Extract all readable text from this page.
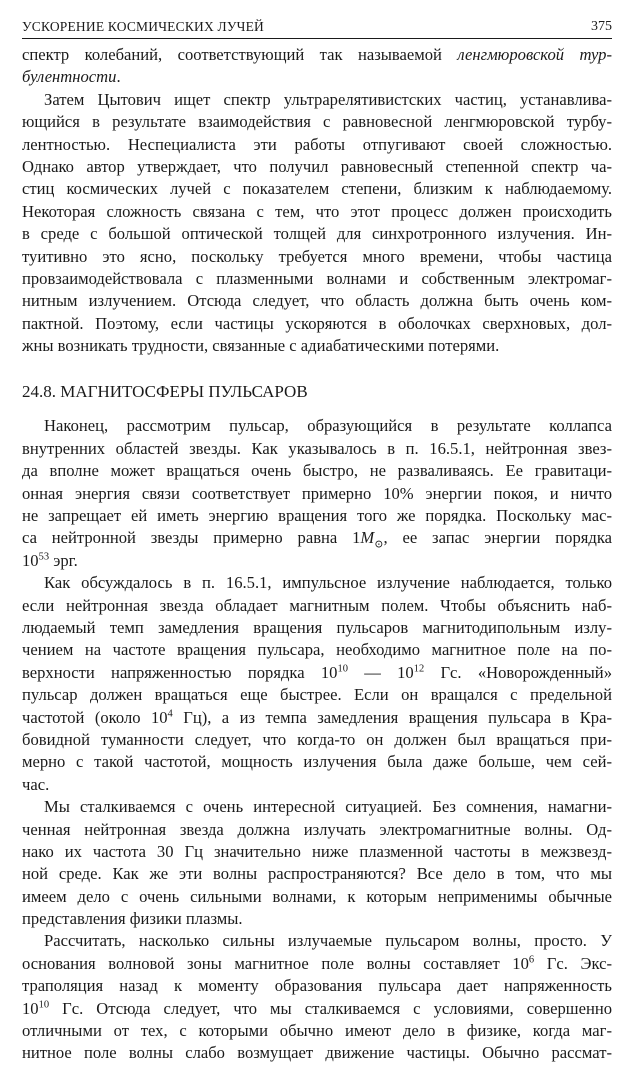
УСКОРЕНИЕ КОСМИЧЕСКИХ ЛУЧЕЙ	375
спектр колебаний, соответствующий так называемой ленгмюровской тур-
булентности.
Затем Цытович ищет спектр ультрарелятивистских частиц, устанавлива-
ющийся в результате взаимодействия с равновесной ленгмюровской турбу-
лентностью. Неспециалиста эти работы отпугивают своей сложностью.
Однако автор утверждает, что получил равновесный степенной спектр ча-
стиц космических лучей с показателем степени, близким к наблюдаемому.
Некоторая сложность связана с тем, что этот процесс должен происходить
в среде с большой оптической толщей для синхротронного излучения. Ин-
туитивно это ясно, поскольку требуется много времени, чтобы частица
провзаимодействовала с плазменными волнами и собственным электромаг-
нитным излучением. Отсюда следует, что область должна быть очень ком-
пактной. Поэтому, если частицы ускоряются в оболочках сверхновых, дол-
жны возникать трудности, связанные с адиабатическими потерями.
24.8. МАГНИТОСФЕРЫ ПУЛЬСАРОВ
Наконец, рассмотрим пульсар, образующийся в результате коллапса
внутренних областей звезды. Как указывалось в п. 16.5.1, нейтронная звез-
да вполне может вращаться очень быстро, не разваливаясь. Ее гравитаци-
онная энергия связи соответствует примерно 10% энергии покоя, и ничто
не запрещает ей иметь энергию вращения того же порядка. Поскольку мас-
са нейтронной звезды примерно равна $1M_⊙$, ее запас энергии порядка
$10^{53}$ эрг.
Как обсуждалось в п. 16.5.1, импульсное излучение наблюдается, только
если нейтронная звезда обладает магнитным полем. Чтобы объяснить наб-
людаемый темп замедления вращения пульсаров магнитодипольным излу-
чением на частоте вращения пульсара, необходимо магнитное поле на по-
верхности напряженностью порядка $10^{10}$ — $10^{12}$ Гс. «Новорожденный»
пульсар должен вращаться еще быстрее. Если он вращался с предельной
частотой (около $10^4$ Гц), а из темпа замедления вращения пульсара в Кра-
бовидной туманности следует, что когда-то он должен был вращаться при-
мерно с такой частотой, мощность излучения была даже больше, чем сей-
час.
Мы сталкиваемся с очень интересной ситуацией. Без сомнения, намагни-
ченная нейтронная звезда должна излучать электромагнитные волны. Од-
нако их частота 30 Гц значительно ниже плазменной частоты в межзвезд-
ной среде. Как же эти волны распространяются? Все дело в том, что мы
имеем дело с очень сильными волнами, к которым неприменимы обычные
представления физики плазмы.
Рассчитать, насколько сильны излучаемые пульсаром волны, просто. У
основания волновой зоны магнитное поле волны составляет $10^6$ Гс. Экс-
траполяция назад к моменту образования пульсара дает напряженность
$10^{10}$ Гс. Отсюда следует, что мы сталкиваемся с условиями, совершенно
отличными от тех, с которыми обычно имеют дело в физике, когда маг-
нитное поле волны слабо возмущает движение частицы. Обычно рассмат-
